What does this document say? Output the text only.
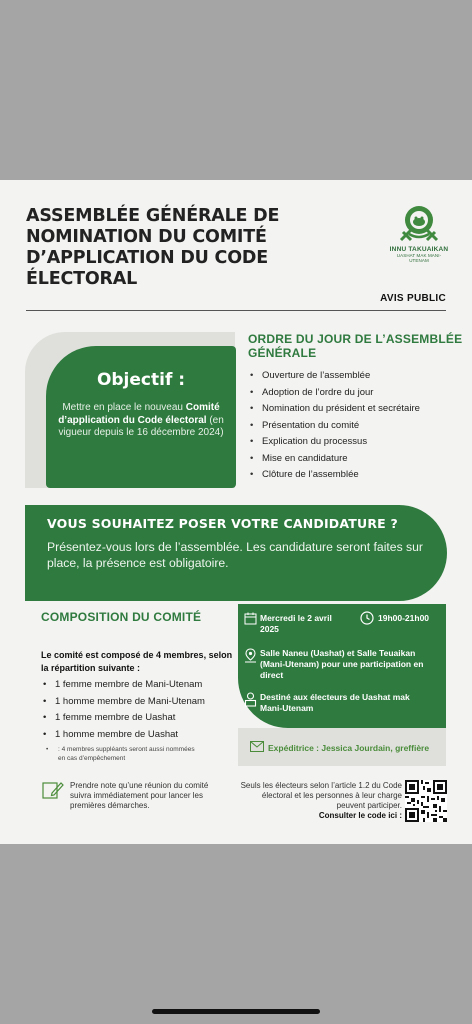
ASSEMBLÉE GÉNÉRALE DE NOMINATION DU COMITÉ D’APPLICATION DU CODE ÉLECTORAL
INNU TAKUAIKAN
UASHAT MAK MANI-UTENAM
AVIS PUBLIC
Objectif :
Mettre en place le nouveau Comité d’application du Code électoral (en vigueur depuis le 16 décembre 2024)
ORDRE DU JOUR DE L’ASSEMBLÉE GÉNÉRALE
• Ouverture de l’assemblée
• Adoption de l’ordre du jour
• Nomination du président et secrétaire
• Présentation du comité
• Explication du processus
• Mise en candidature
• Clôture de l’assemblée
VOUS SOUHAITEZ POSER VOTRE CANDIDATURE ?
Présentez-vous lors de l’assemblée. Les candidature seront faites sur place, la présence est obligatoire.
COMPOSITION DU COMITÉ
Le comité est composé de 4 membres, selon la répartition suivante :
• 1 femme membre de Mani-Utenam
• 1 homme membre de Mani-Utenam
• 1 femme membre de Uashat
• 1 homme membre de Uashat
• : 4 membres suppléants seront aussi nommées en cas d’empêchement
Mercredi le 2 avril 2025
19h00-21h00
Salle Naneu (Uashat) et Salle Teuaikan (Mani-Utenam) pour une participation en direct
Destiné aux électeurs de Uashat mak Mani-Utenam
Expéditrice : Jessica Jourdain, greffière
Prendre note qu’une réunion du comité suivra immédiatement pour lancer les premières démarches.
Seuls les électeurs selon l’article 1.2 du Code électoral et les personnes à leur charge peuvent participer.
Consulter le code ici :
